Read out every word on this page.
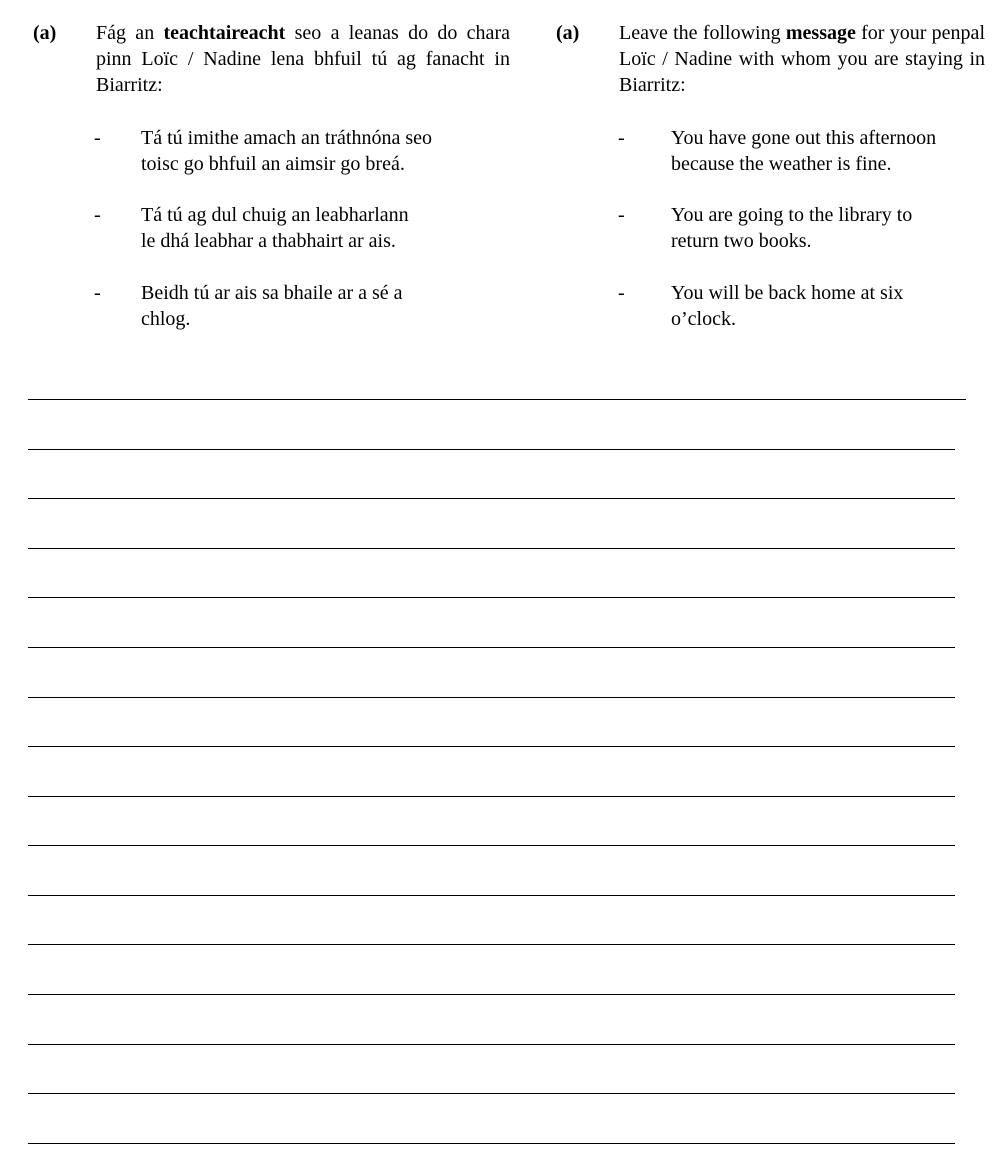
(a) Fág an teachtaireacht seo a leanas do do chara pinn Loïc / Nadine lena bhfuil tú ag fanacht in Biarritz:
- Tá tú imithe amach an tráthnóna seo
toisc go bhfuil an aimsir go breá.
- Tá tú ag dul chuig an leabharlann
le dhá leabhar a thabhairt ar ais.
- Beidh tú ar ais sa bhaile ar a sé a
chlog.
(a) Leave the following message for your penpal Loïc / Nadine with whom you are staying in Biarritz:
- You have gone out this afternoon
because the weather is fine.
- You are going to the library to
return two books.
- You will be back home at six
o’clock.
